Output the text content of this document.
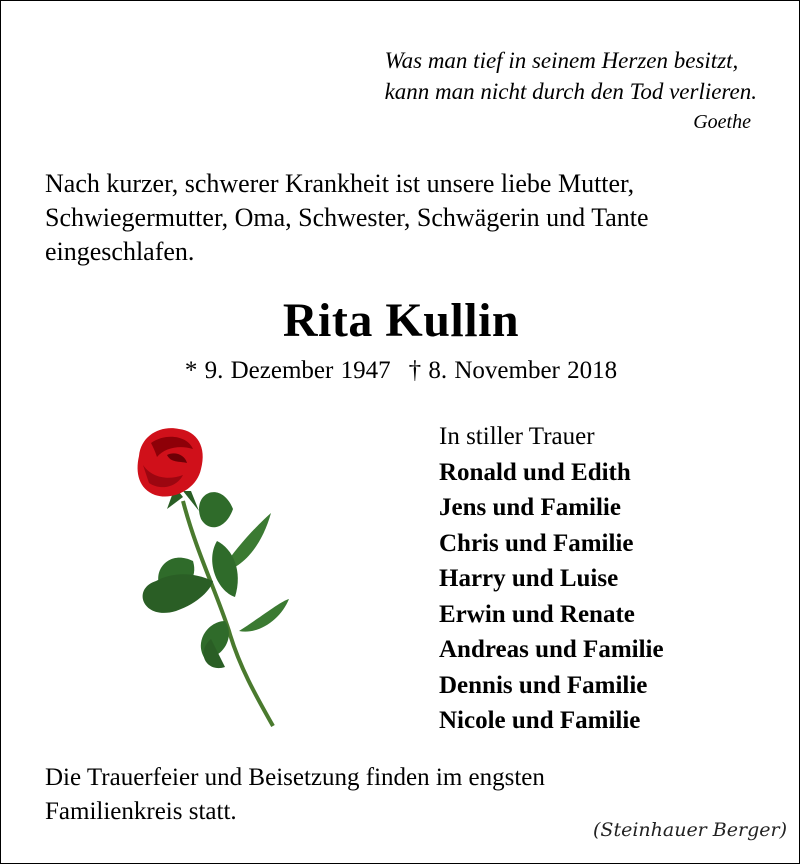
Was man tief in seinem Herzen besitzt,
kann man nicht durch den Tod verlieren.
Goethe
Nach kurzer, schwerer Krankheit ist unsere liebe Mutter,
Schwiegermutter, Oma, Schwester, Schwägerin und Tante
eingeschlafen.
Rita Kullin
* 9. Dezember 1947 † 8. November 2018
In stiller Trauer
Ronald und Edith
Jens und Familie
Chris und Familie
Harry und Luise
Erwin und Renate
Andreas und Familie
Dennis und Familie
Nicole und Familie
Die Trauerfeier und Beisetzung finden im engsten
Familienkreis statt.
(Steinhauer Berger)
